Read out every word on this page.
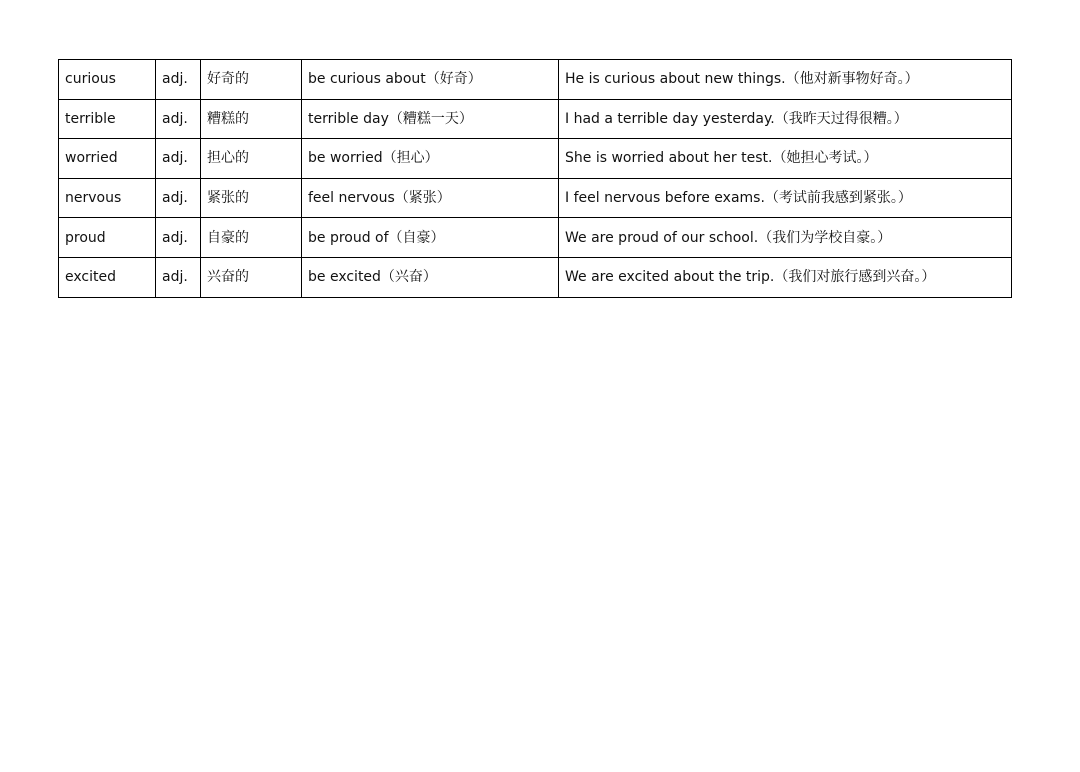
curious	adj.	好奇的	be curious about（好奇）	He is curious about new things.（他对新事物好奇。）
terrible	adj.	糟糕的	terrible day（糟糕一天）	I had a terrible day yesterday.（我昨天过得很糟。）
worried	adj.	担心的	be worried（担心）	She is worried about her test.（她担心考试。）
nervous	adj.	紧张的	feel nervous（紧张）	I feel nervous before exams.（考试前我感到紧张。）
proud	adj.	自豪的	be proud of（自豪）	We are proud of our school.（我们为学校自豪。）
excited	adj.	兴奋的	be excited（兴奋）	We are excited about the trip.（我们对旅行感到兴奋。）
